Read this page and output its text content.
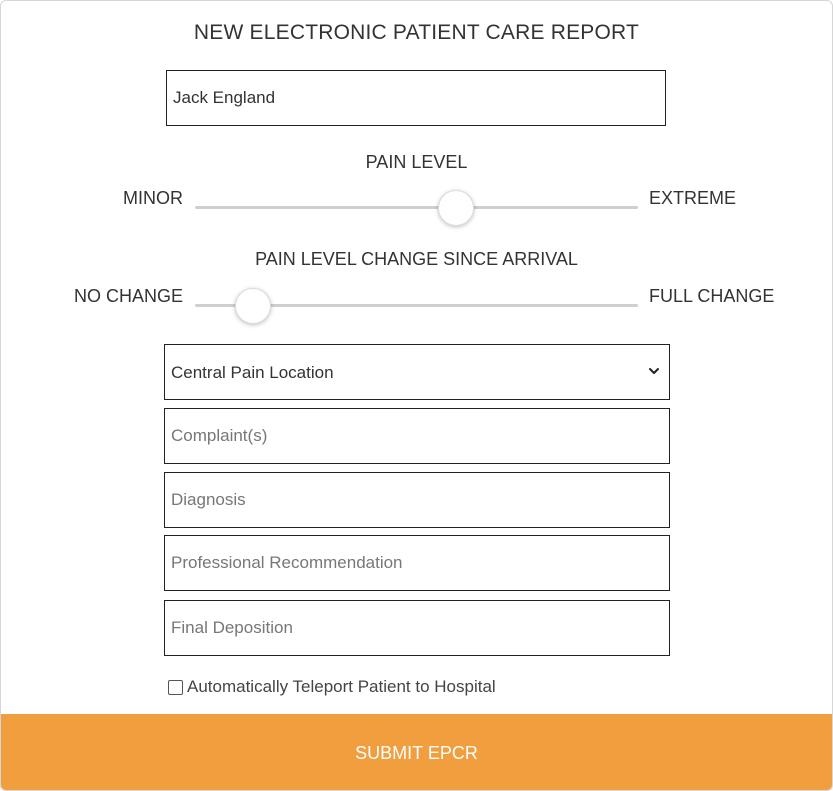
NEW ELECTRONIC PATIENT CARE REPORT
Jack England
PAIN LEVEL
MINOR	EXTREME
PAIN LEVEL CHANGE SINCE ARRIVAL
NO CHANGE	FULL CHANGE
Central Pain Location
Complaint(s)
Diagnosis
Professional Recommendation
Final Deposition
Automatically Teleport Patient to Hospital
SUBMIT EPCR
